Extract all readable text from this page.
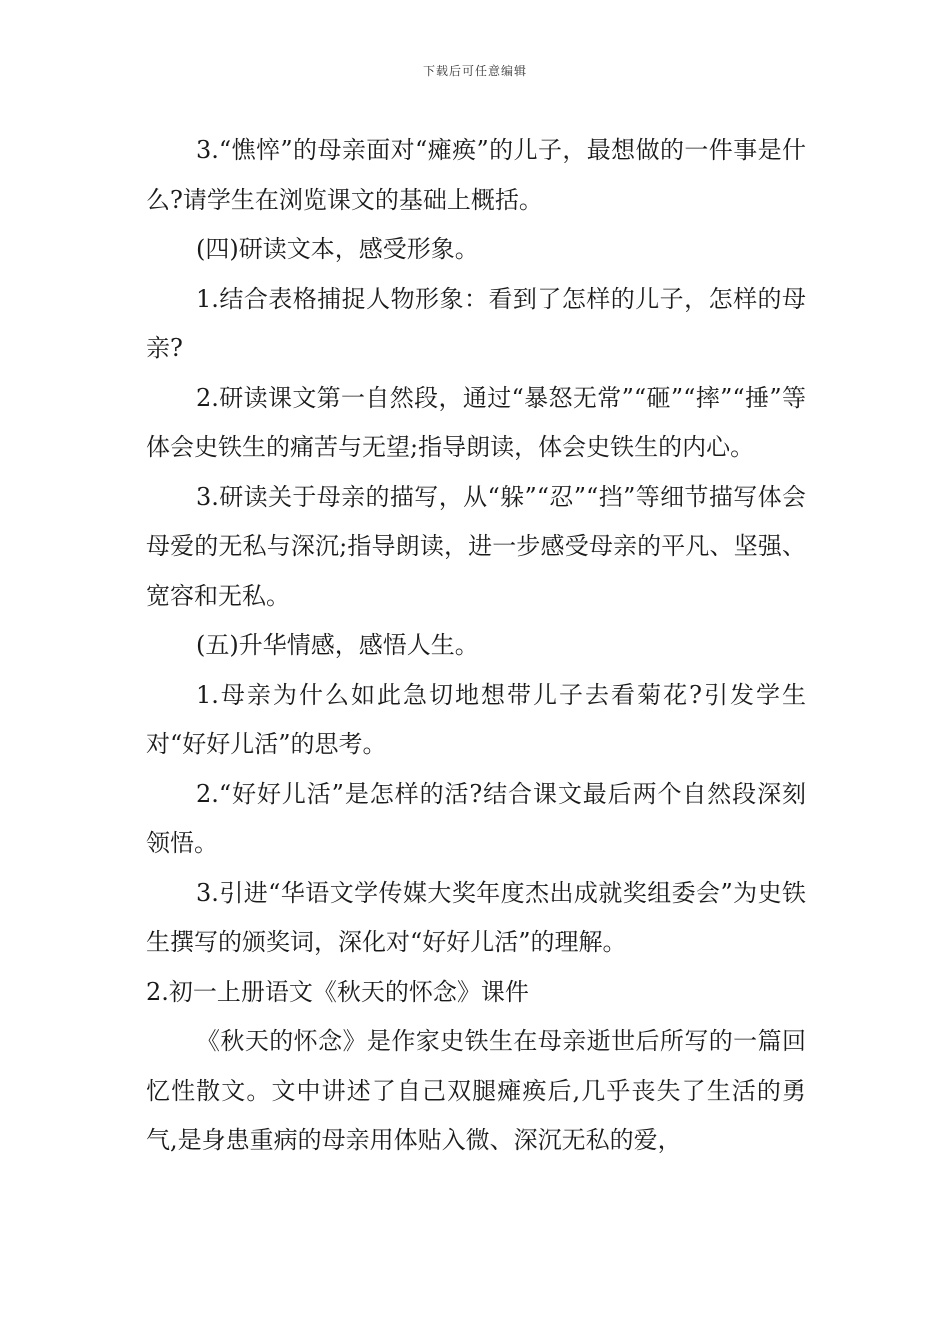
下载后可任意编辑

3.“憔悴”的母亲面对“瘫痪”的儿子，最想做的一件事是什么?请学生在浏览课文的基础上概括。

(四)研读文本，感受形象。

1.结合表格捕捉人物形象：看到了怎样的儿子，怎样的母亲?

2.研读课文第一自然段，通过“暴怒无常”“砸”“摔”“捶”等体会史铁生的痛苦与无望;指导朗读，体会史铁生的内心。

3.研读关于母亲的描写，从“躲”“忍”“挡”等细节描写体会母爱的无私与深沉;指导朗读，进一步感受母亲的平凡、坚强、宽容和无私。

(五)升华情感，感悟人生。

1.母亲为什么如此急切地想带儿子去看菊花?引发学生对“好好儿活”的思考。

2.“好好儿活”是怎样的活?结合课文最后两个自然段深刻领悟。

3.引进“华语文学传媒大奖年度杰出成就奖组委会”为史铁生撰写的颁奖词，深化对“好好儿活”的理解。

2.初一上册语文《秋天的怀念》课件

《秋天的怀念》是作家史铁生在母亲逝世后所写的一篇回忆性散文。文中讲述了自己双腿瘫痪后,几乎丧失了生活的勇气,是身患重病的母亲用体贴入微、深沉无私的爱，
